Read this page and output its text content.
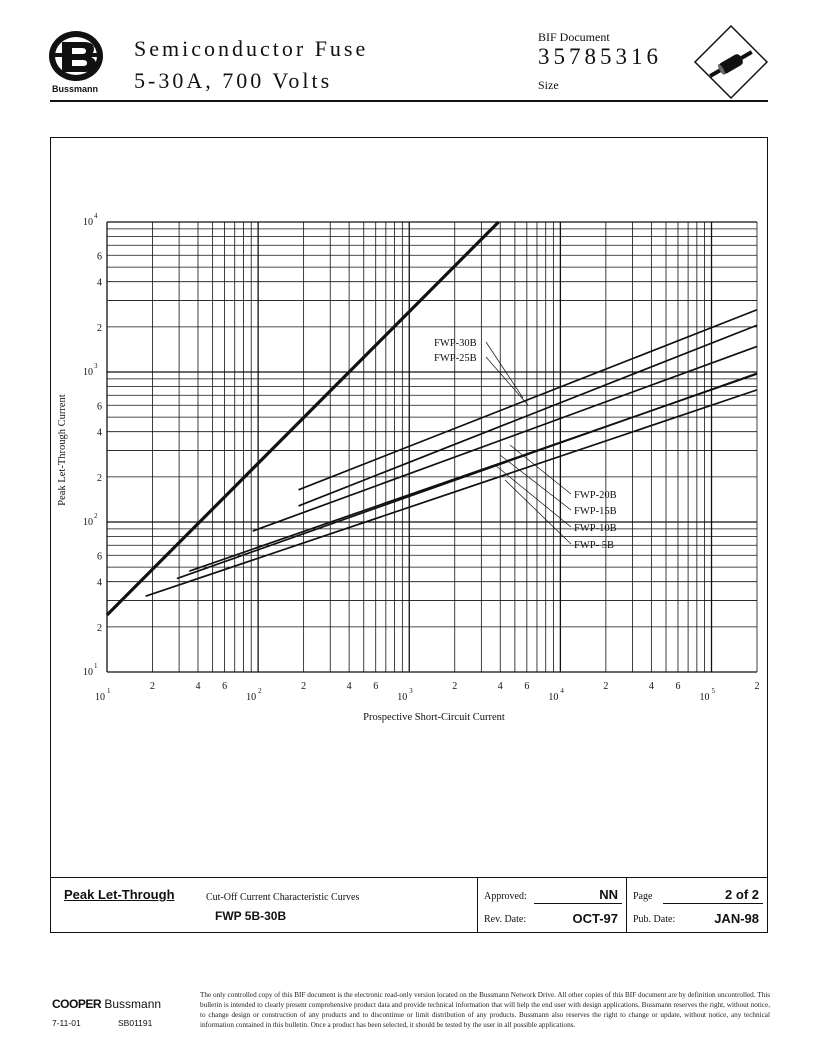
Bussmann
Semiconductor Fuse
5-30A, 700 Volts
BIF Document
35785316
Size
10
1	2	4 6
10
2	2	4 6
10
3	2	4 6
10
4	2	4 6
10
5	2
10
1
2
4
6
10
2
2
4
6
10
3
2
4
6
10
4
Prospective Short-Circuit Current
Peak Let-Through Current
FWP-30B
FWP-25B
FWP-20B
FWP-15B
FWP-10B
FWP- 5B
Peak Let-Through	Cut-Off Current Characteristic Curves
FWP 5B-30B
Approved:	NN
Rev. Date:	OCT-97
Page	2 of 2
Pub. Date:	JAN-98
COOPER Bussmann
7-11-01	SB01191
The only controlled copy of this BIF document is the electronic read-only version located on the Bussmann Network Drive. All other copies of this BIF document are by definition uncontrolled. This bulletin is intended to clearly present comprehensive product data and provide technical information that will help the end user with design applications. Bussmann reserves the right, without notice, to change design or construction of any products and to discontinue or limit distribution of any products. Bussmann also reserves the right to change or update, without notice, any technical information contained in this bulletin. Once a product has been selected, it should be tested by the user in all possible applications.
